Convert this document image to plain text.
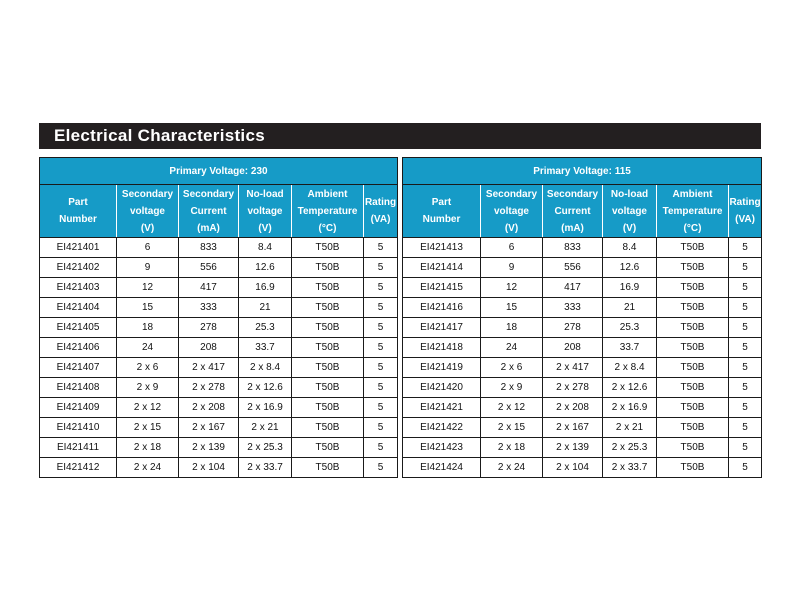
Electrical Characteristics
Primary Voltage: 230					
Part
Number	Secondary
voltage
(V)	Secondary
Current
(mA)	No-load
voltage
(V)	Ambient
Temperature
(°C)	Rating
(VA)
EI421401	6	833	8.4	T50B	5
EI421402	9	556	12.6	T50B	5
EI421403	12	417	16.9	T50B	5
EI421404	15	333	21	T50B	5
EI421405	18	278	25.3	T50B	5
EI421406	24	208	33.7	T50B	5
EI421407	2 x 6	2 x 417	2 x 8.4	T50B	5
EI421408	2 x 9	2 x 278	2 x 12.6	T50B	5
EI421409	2 x 12	2 x 208	2 x 16.9	T50B	5
EI421410	2 x 15	2 x 167	2 x 21	T50B	5
EI421411	2 x 18	2 x 139	2 x 25.3	T50B	5
EI421412	2 x 24	2 x 104	2 x 33.7	T50B	5
Primary Voltage: 115					
Part
Number	Secondary
voltage
(V)	Secondary
Current
(mA)	No-load
voltage
(V)	Ambient
Temperature
(°C)	Rating
(VA)
EI421413	6	833	8.4	T50B	5
EI421414	9	556	12.6	T50B	5
EI421415	12	417	16.9	T50B	5
EI421416	15	333	21	T50B	5
EI421417	18	278	25.3	T50B	5
EI421418	24	208	33.7	T50B	5
EI421419	2 x 6	2 x 417	2 x 8.4	T50B	5
EI421420	2 x 9	2 x 278	2 x 12.6	T50B	5
EI421421	2 x 12	2 x 208	2 x 16.9	T50B	5
EI421422	2 x 15	2 x 167	2 x 21	T50B	5
EI421423	2 x 18	2 x 139	2 x 25.3	T50B	5
EI421424	2 x 24	2 x 104	2 x 33.7	T50B	5
